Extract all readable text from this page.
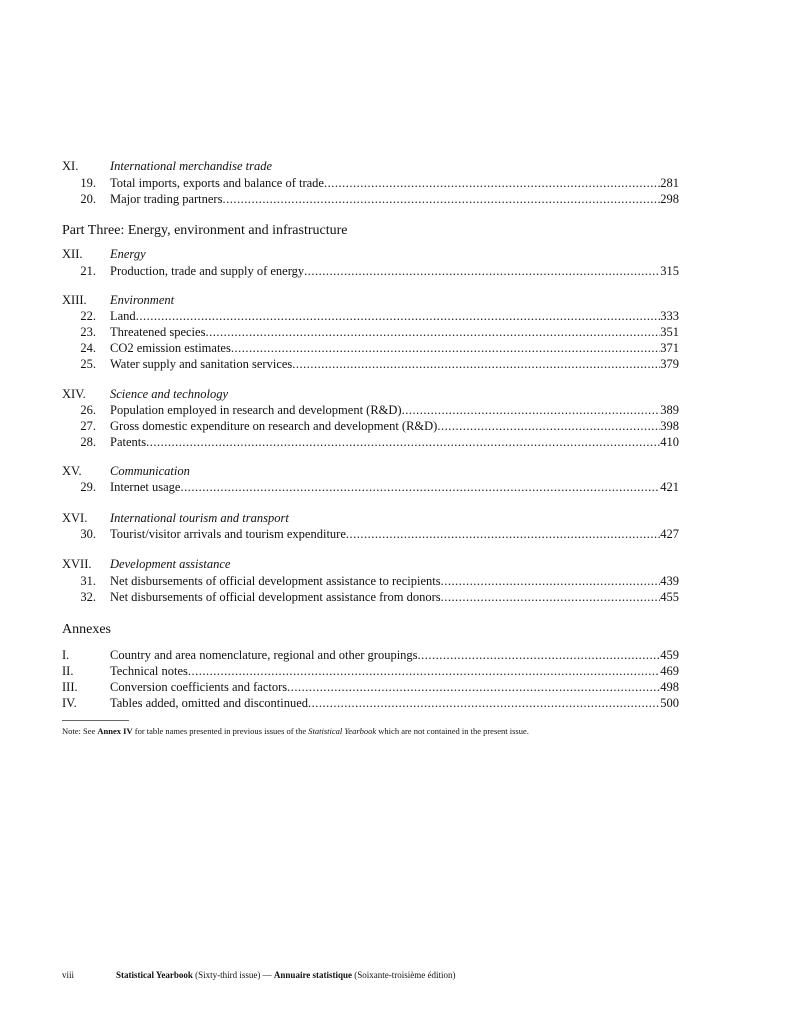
XI.	International merchandise trade
19. Total imports, exports and balance of trade .....	281
20. Major trading partners .....	298
Part Three: Energy, environment and infrastructure
XII.	Energy
21. Production, trade and supply of energy .....	315
XIII.	Environment
22. Land .....	333
23. Threatened species .....	351
24. CO2 emission estimates .....	371
25. Water supply and sanitation services .....	379
XIV.	Science and technology
26. Population employed in research and development (R&D) .....	389
27. Gross domestic expenditure on research and development (R&D) .....	398
28. Patents .....	410
XV.	Communication
29. Internet usage .....	421
XVI.	International tourism and transport
30. Tourist/visitor arrivals and tourism expenditure .....	427
XVII.	Development assistance
31. Net disbursements of official development assistance to recipients .....	439
32. Net disbursements of official development assistance from donors .....	455
Annexes
I.	Country and area nomenclature, regional and other groupings .....	459
II.	Technical notes .....	469
III.	Conversion coefficients and factors .....	498
IV.	Tables added, omitted and discontinued .....	500
Note: See Annex IV for table names presented in previous issues of the Statistical Yearbook which are not contained in the present issue.
viii	Statistical Yearbook (Sixty-third issue) — Annuaire statistique (Soixante-troisième édition)
